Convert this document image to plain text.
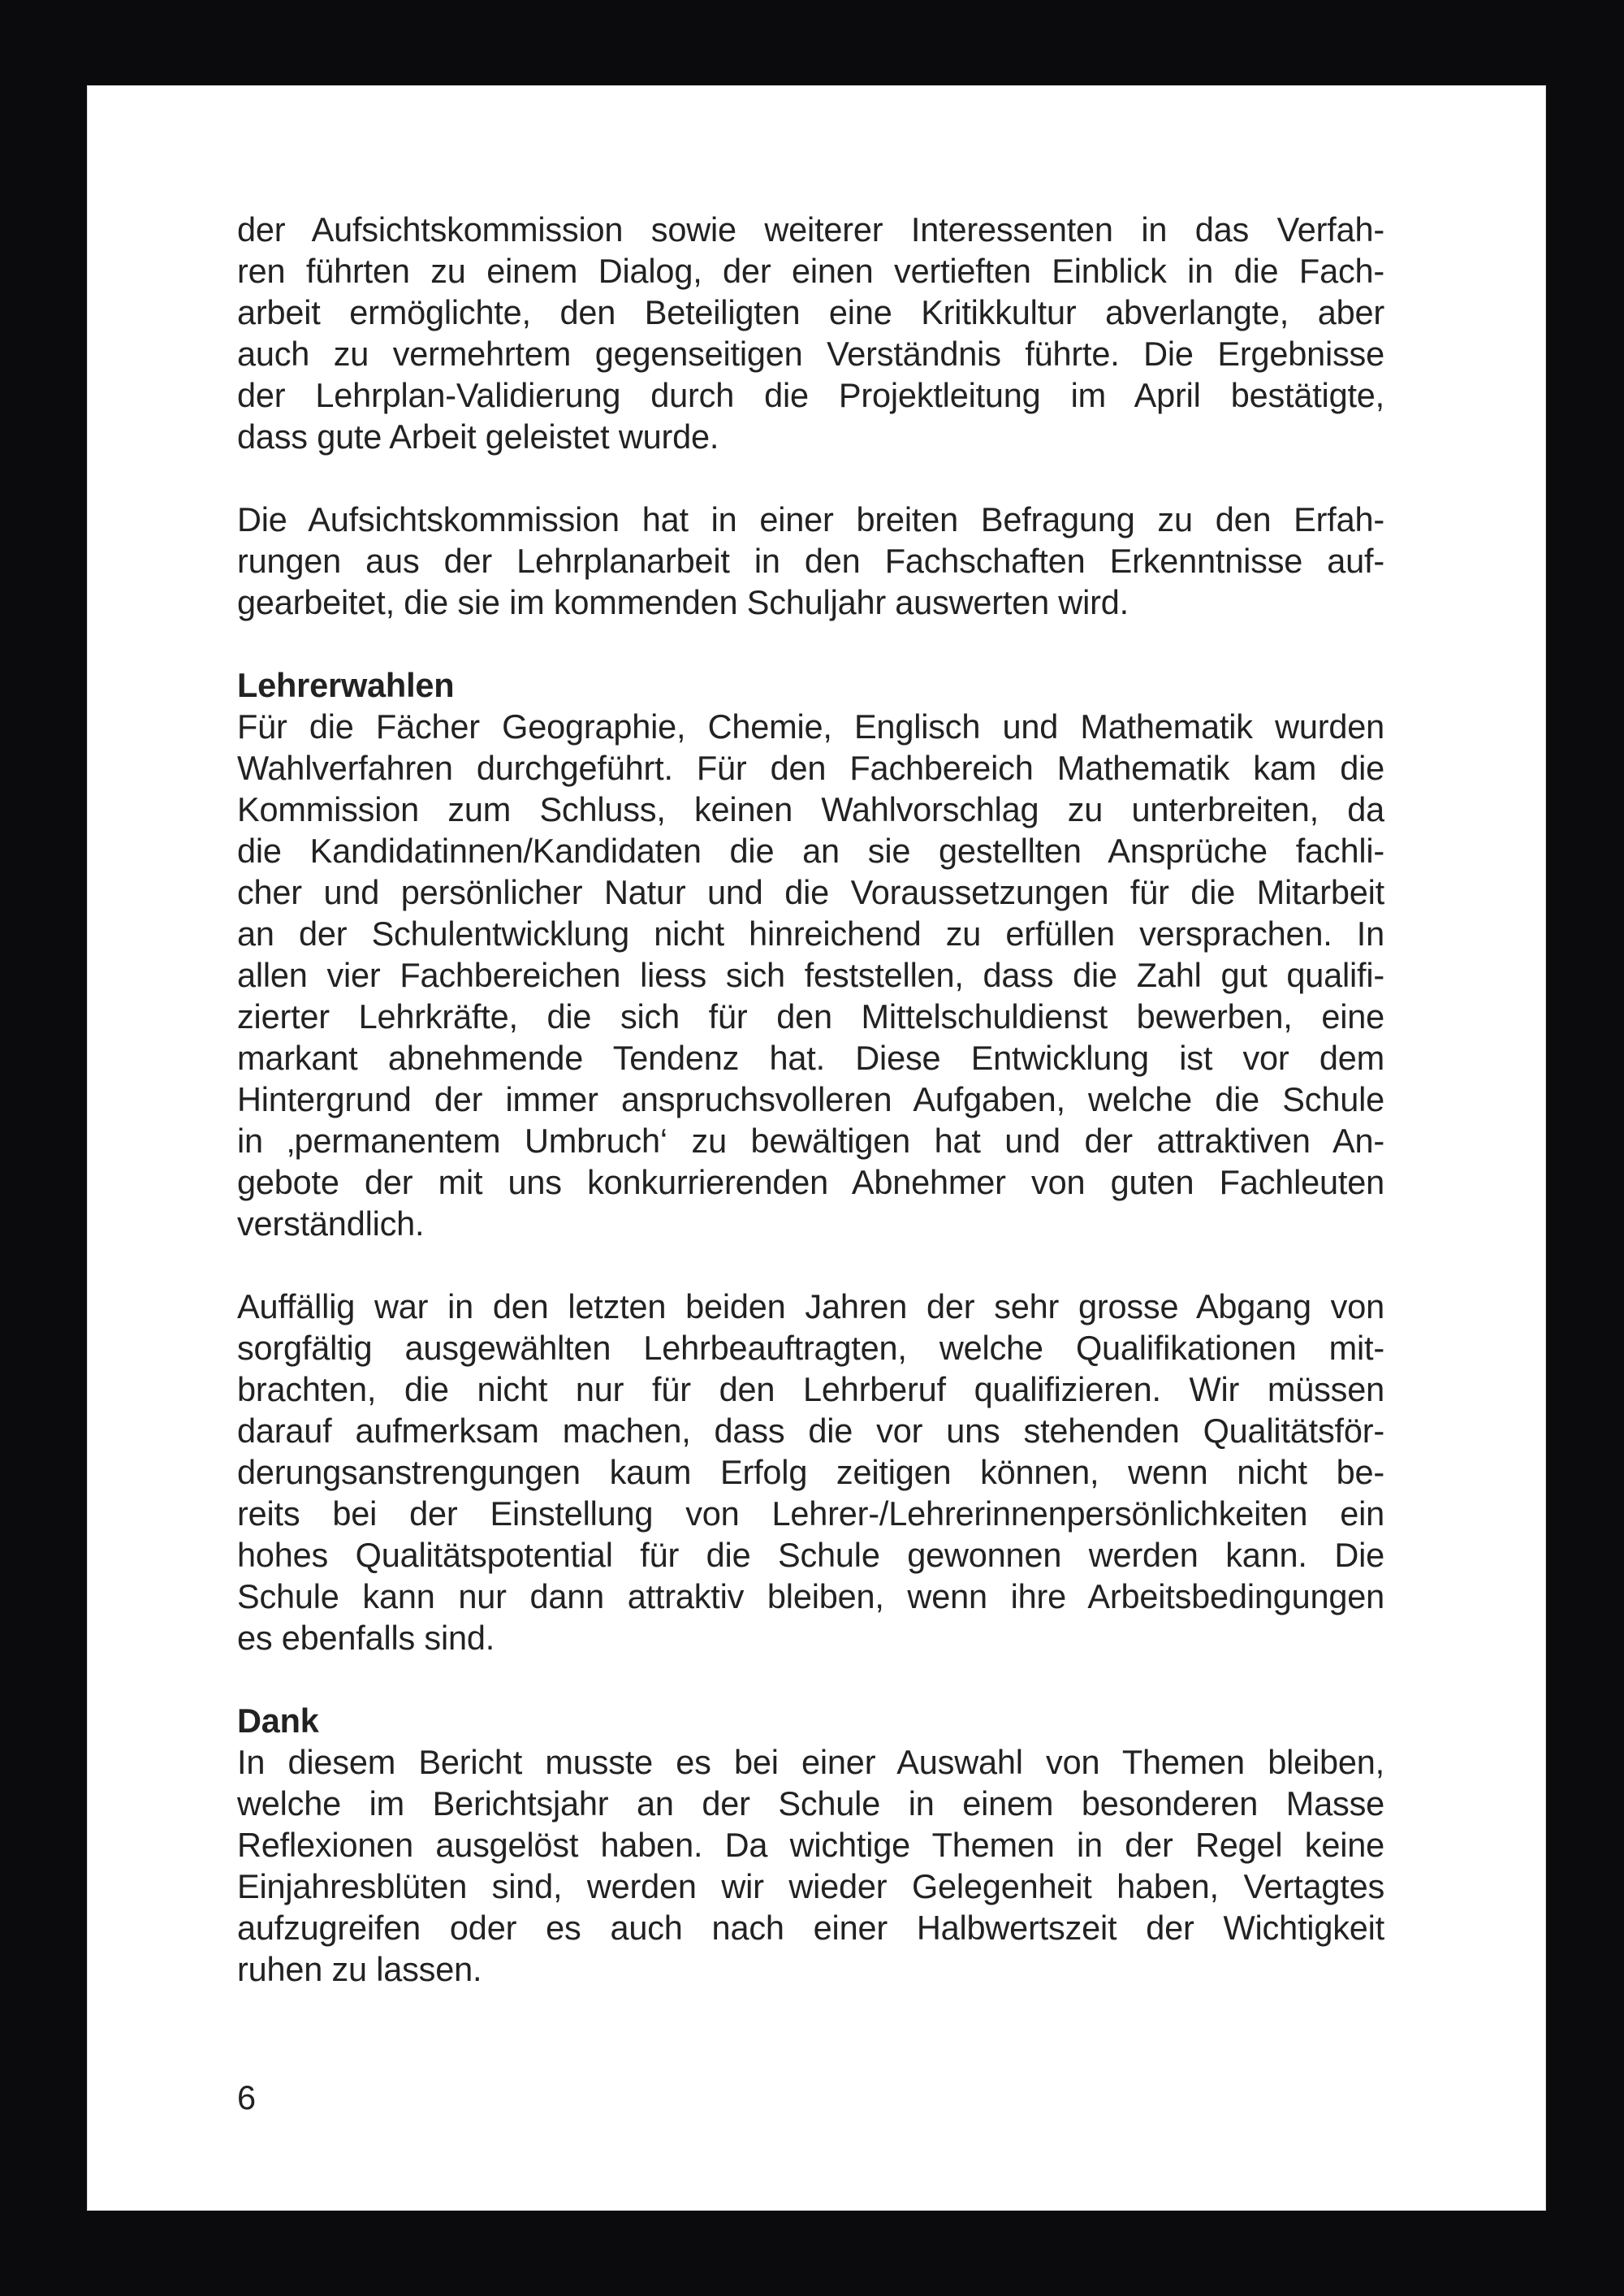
der Aufsichtskommission sowie weiterer Interessenten in das Verfah-
ren führten zu einem Dialog, der einen vertieften Einblick in die Fach-
arbeit ermöglichte, den Beteiligten eine Kritikkultur abverlangte, aber
auch zu vermehrtem gegenseitigen Verständnis führte. Die Ergebnisse
der Lehrplan-Validierung durch die Projektleitung im April bestätigte,
dass gute Arbeit geleistet wurde.
Die Aufsichtskommission hat in einer breiten Befragung zu den Erfah-
rungen aus der Lehrplanarbeit in den Fachschaften Erkenntnisse auf-
gearbeitet, die sie im kommenden Schuljahr auswerten wird.
Lehrerwahlen
Für die Fächer Geographie, Chemie, Englisch und Mathematik wurden
Wahlverfahren durchgeführt. Für den Fachbereich Mathematik kam die
Kommission zum Schluss, keinen Wahlvorschlag zu unterbreiten, da
die Kandidatinnen/Kandidaten die an sie gestellten Ansprüche fachli-
cher und persönlicher Natur und die Voraussetzungen für die Mitarbeit
an der Schulentwicklung nicht hinreichend zu erfüllen versprachen. In
allen vier Fachbereichen liess sich feststellen, dass die Zahl gut qualifi-
zierter Lehrkräfte, die sich für den Mittelschuldienst bewerben, eine
markant abnehmende Tendenz hat. Diese Entwicklung ist vor dem
Hintergrund der immer anspruchsvolleren Aufgaben, welche die Schule
in ‚permanentem Umbruch‘ zu bewältigen hat und der attraktiven An-
gebote der mit uns konkurrierenden Abnehmer von guten Fachleuten
verständlich.
Auffällig war in den letzten beiden Jahren der sehr grosse Abgang von
sorgfältig ausgewählten Lehrbeauftragten, welche Qualifikationen mit-
brachten, die nicht nur für den Lehrberuf qualifizieren. Wir müssen
darauf aufmerksam machen, dass die vor uns stehenden Qualitätsför-
derungsanstrengungen kaum Erfolg zeitigen können, wenn nicht be-
reits bei der Einstellung von Lehrer-/Lehrerinnenpersönlichkeiten ein
hohes Qualitätspotential für die Schule gewonnen werden kann. Die
Schule kann nur dann attraktiv bleiben, wenn ihre Arbeitsbedingungen
es ebenfalls sind.
Dank
In diesem Bericht musste es bei einer Auswahl von Themen bleiben,
welche im Berichtsjahr an der Schule in einem besonderen Masse
Reflexionen ausgelöst haben. Da wichtige Themen in der Regel keine
Einjahresblüten sind, werden wir wieder Gelegenheit haben, Vertagtes
aufzugreifen oder es auch nach einer Halbwertszeit der Wichtigkeit
ruhen zu lassen.
6
